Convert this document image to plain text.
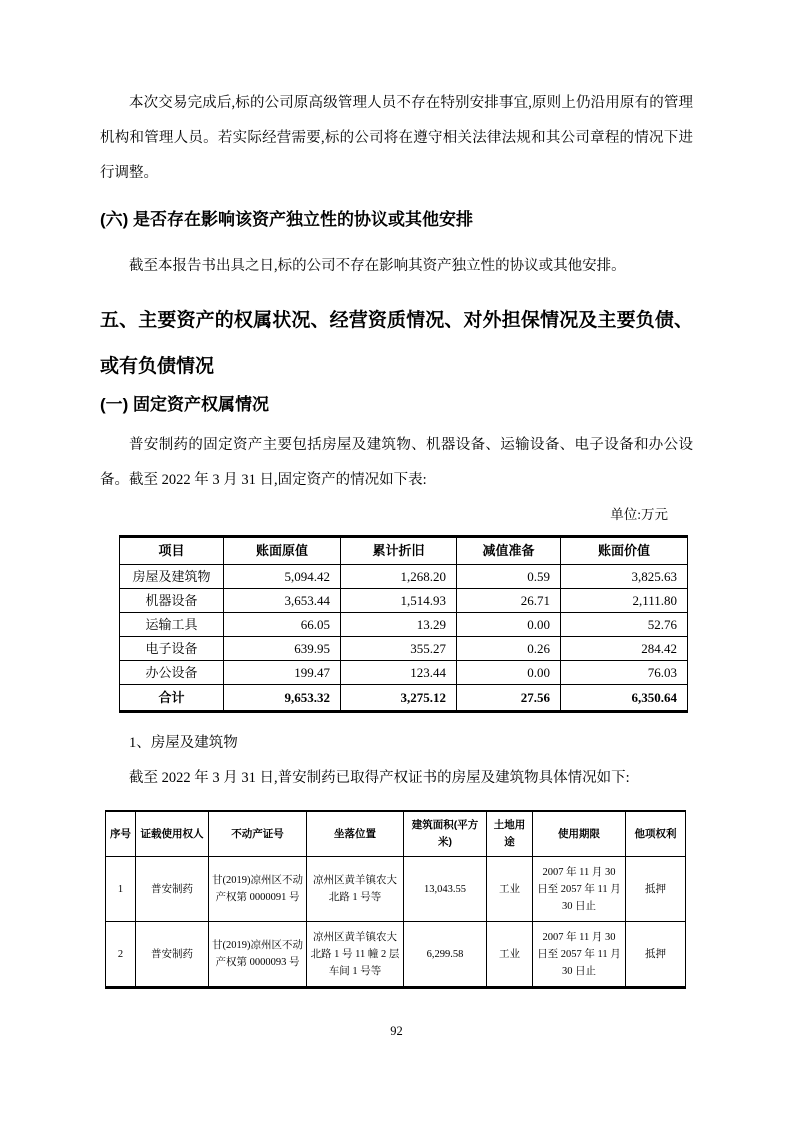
本次交易完成后,标的公司原高级管理人员不存在特别安排事宜,原则上仍沿用原有的管理机构和管理人员。若实际经营需要,标的公司将在遵守相关法律法规和其公司章程的情况下进行调整。

(六) 是否存在影响该资产独立性的协议或其他安排

截至本报告书出具之日,标的公司不存在影响其资产独立性的协议或其他安排。

五、主要资产的权属状况、经营资质情况、对外担保情况及主要负债、或有负债情况
(一) 固定资产权属情况

普安制药的固定资产主要包括房屋及建筑物、机器设备、运输设备、电子设备和办公设备。截至 2022 年 3 月 31 日,固定资产的情况如下表:

单位:万元
项目	账面原值	累计折旧	减值准备	账面价值
房屋及建筑物	5,094.42	1,268.20	0.59	3,825.63
机器设备	3,653.44	1,514.93	26.71	2,111.80
运输工具	66.05	13.29	0.00	52.76
电子设备	639.95	355.27	0.26	284.42
办公设备	199.47	123.44	0.00	76.03
合计	9,653.32	3,275.12	27.56	6,350.64

1、房屋及建筑物

截至 2022 年 3 月 31 日,普安制药已取得产权证书的房屋及建筑物具体情况如下:

序号	证载使用权人	不动产证号	坐落位置	建筑面积(平方米)	土地用途	使用期限	他项权利
1	普安制药	甘(2019)凉州区不动产权第 0000091 号	凉州区黄羊镇农大北路 1 号等	13,043.55	工业	2007 年 11 月 30 日至 2057 年 11 月 30 日止	抵押
2	普安制药	甘(2019)凉州区不动产权第 0000093 号	凉州区黄羊镇农大北路 1 号 11 幢 2 层车间 1 号等	6,299.58	工业	2007 年 11 月 30 日至 2057 年 11 月 30 日止	抵押
92
